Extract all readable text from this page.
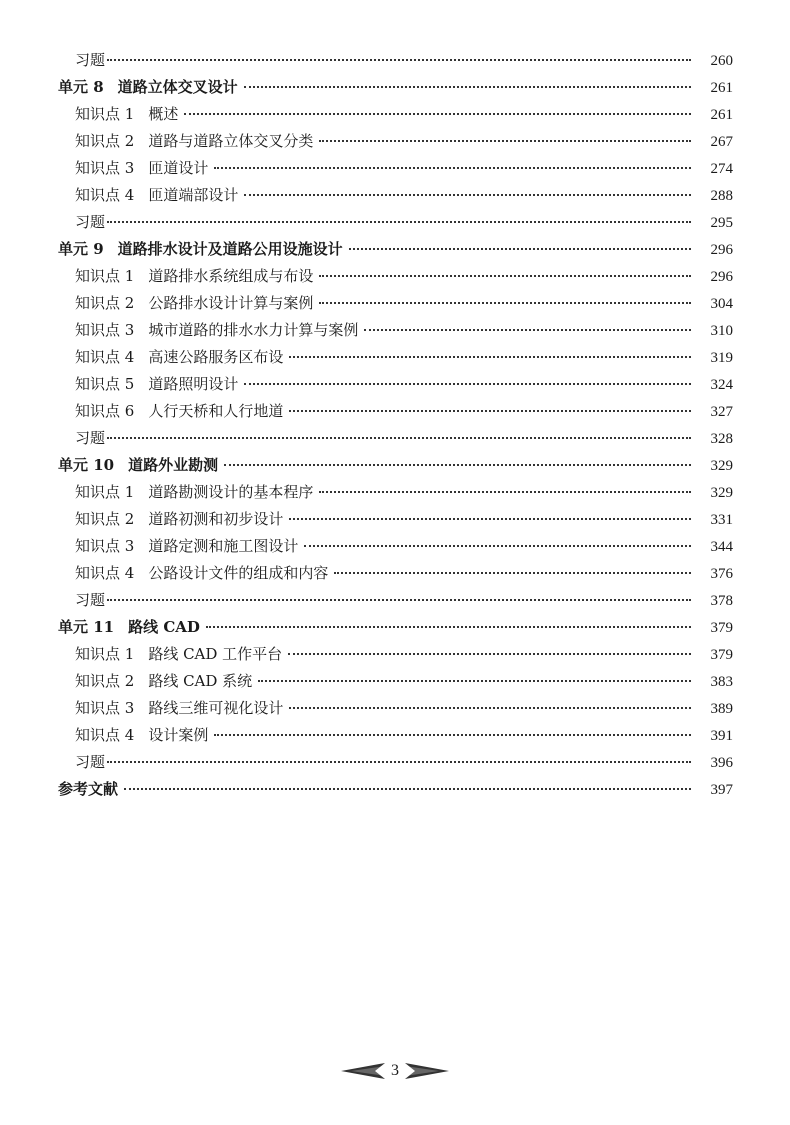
习题	260
单元 8 道路立体交叉设计	261
知识点 1 概述	261
知识点 2 道路与道路立体交叉分类	267
知识点 3 匝道设计	274
知识点 4 匝道端部设计	288
习题	295
单元 9 道路排水设计及道路公用设施设计	296
知识点 1 道路排水系统组成与布设	296
知识点 2 公路排水设计计算与案例	304
知识点 3 城市道路的排水水力计算与案例	310
知识点 4 高速公路服务区布设	319
知识点 5 道路照明设计	324
知识点 6 人行天桥和人行地道	327
习题	328
单元 10 道路外业勘测	329
知识点 1 道路勘测设计的基本程序	329
知识点 2 道路初测和初步设计	331
知识点 3 道路定测和施工图设计	344
知识点 4 公路设计文件的组成和内容	376
习题	378
单元 11 路线 CAD	379
知识点 1 路线 CAD 工作平台	379
知识点 2 路线 CAD 系统	383
知识点 3 路线三维可视化设计	389
知识点 4 设计案例	391
习题	396
参考文献	397
3
